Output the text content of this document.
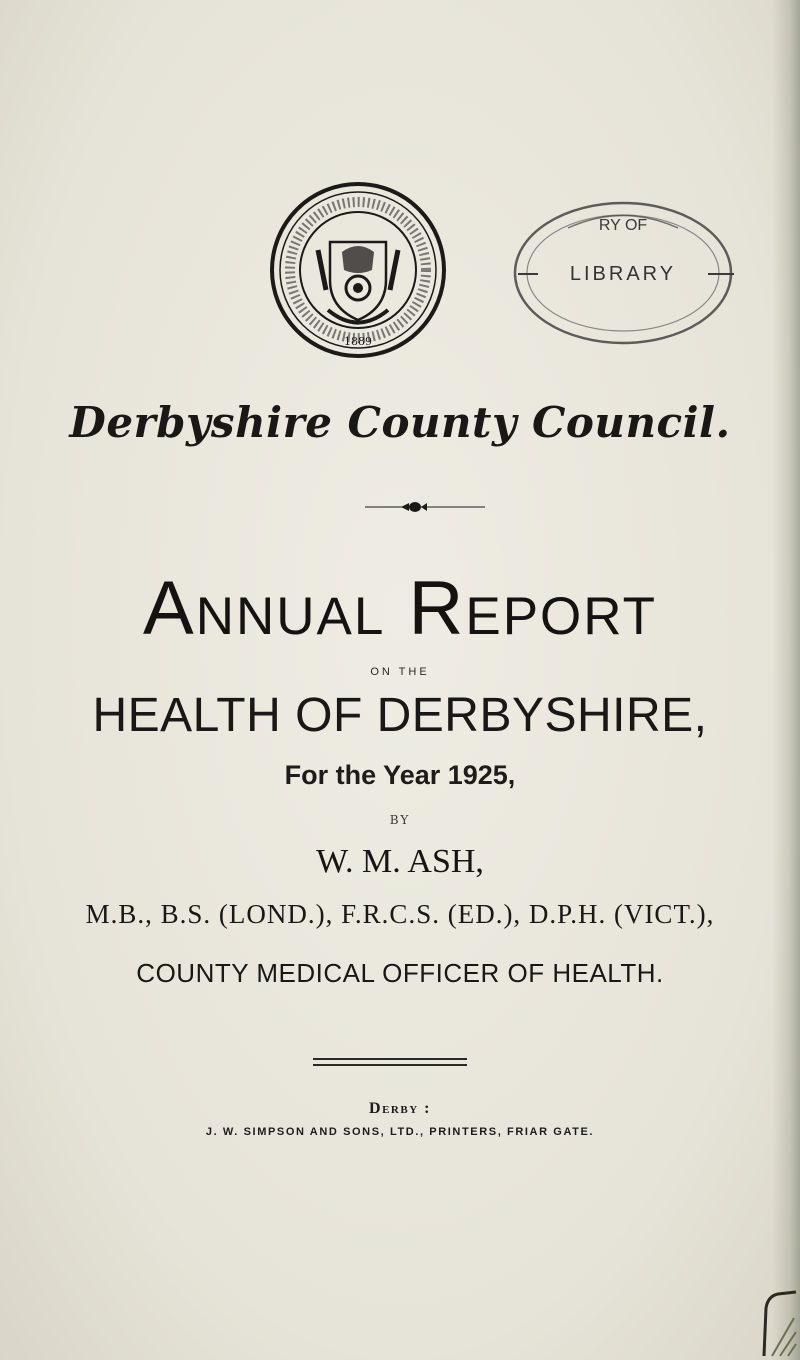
1889
RY OF
LIBRARY
Derbyshire County Council.
Annual Report
ON THE
HEALTH OF DERBYSHIRE,
For the Year 1925,
BY
W. M. ASH,
M.B., B.S. (LOND.), F.R.C.S. (ED.), D.P.H. (VICT.),
COUNTY MEDICAL OFFICER OF HEALTH.
Derby :
J. W. SIMPSON AND SONS, LTD., PRINTERS, FRIAR GATE.
